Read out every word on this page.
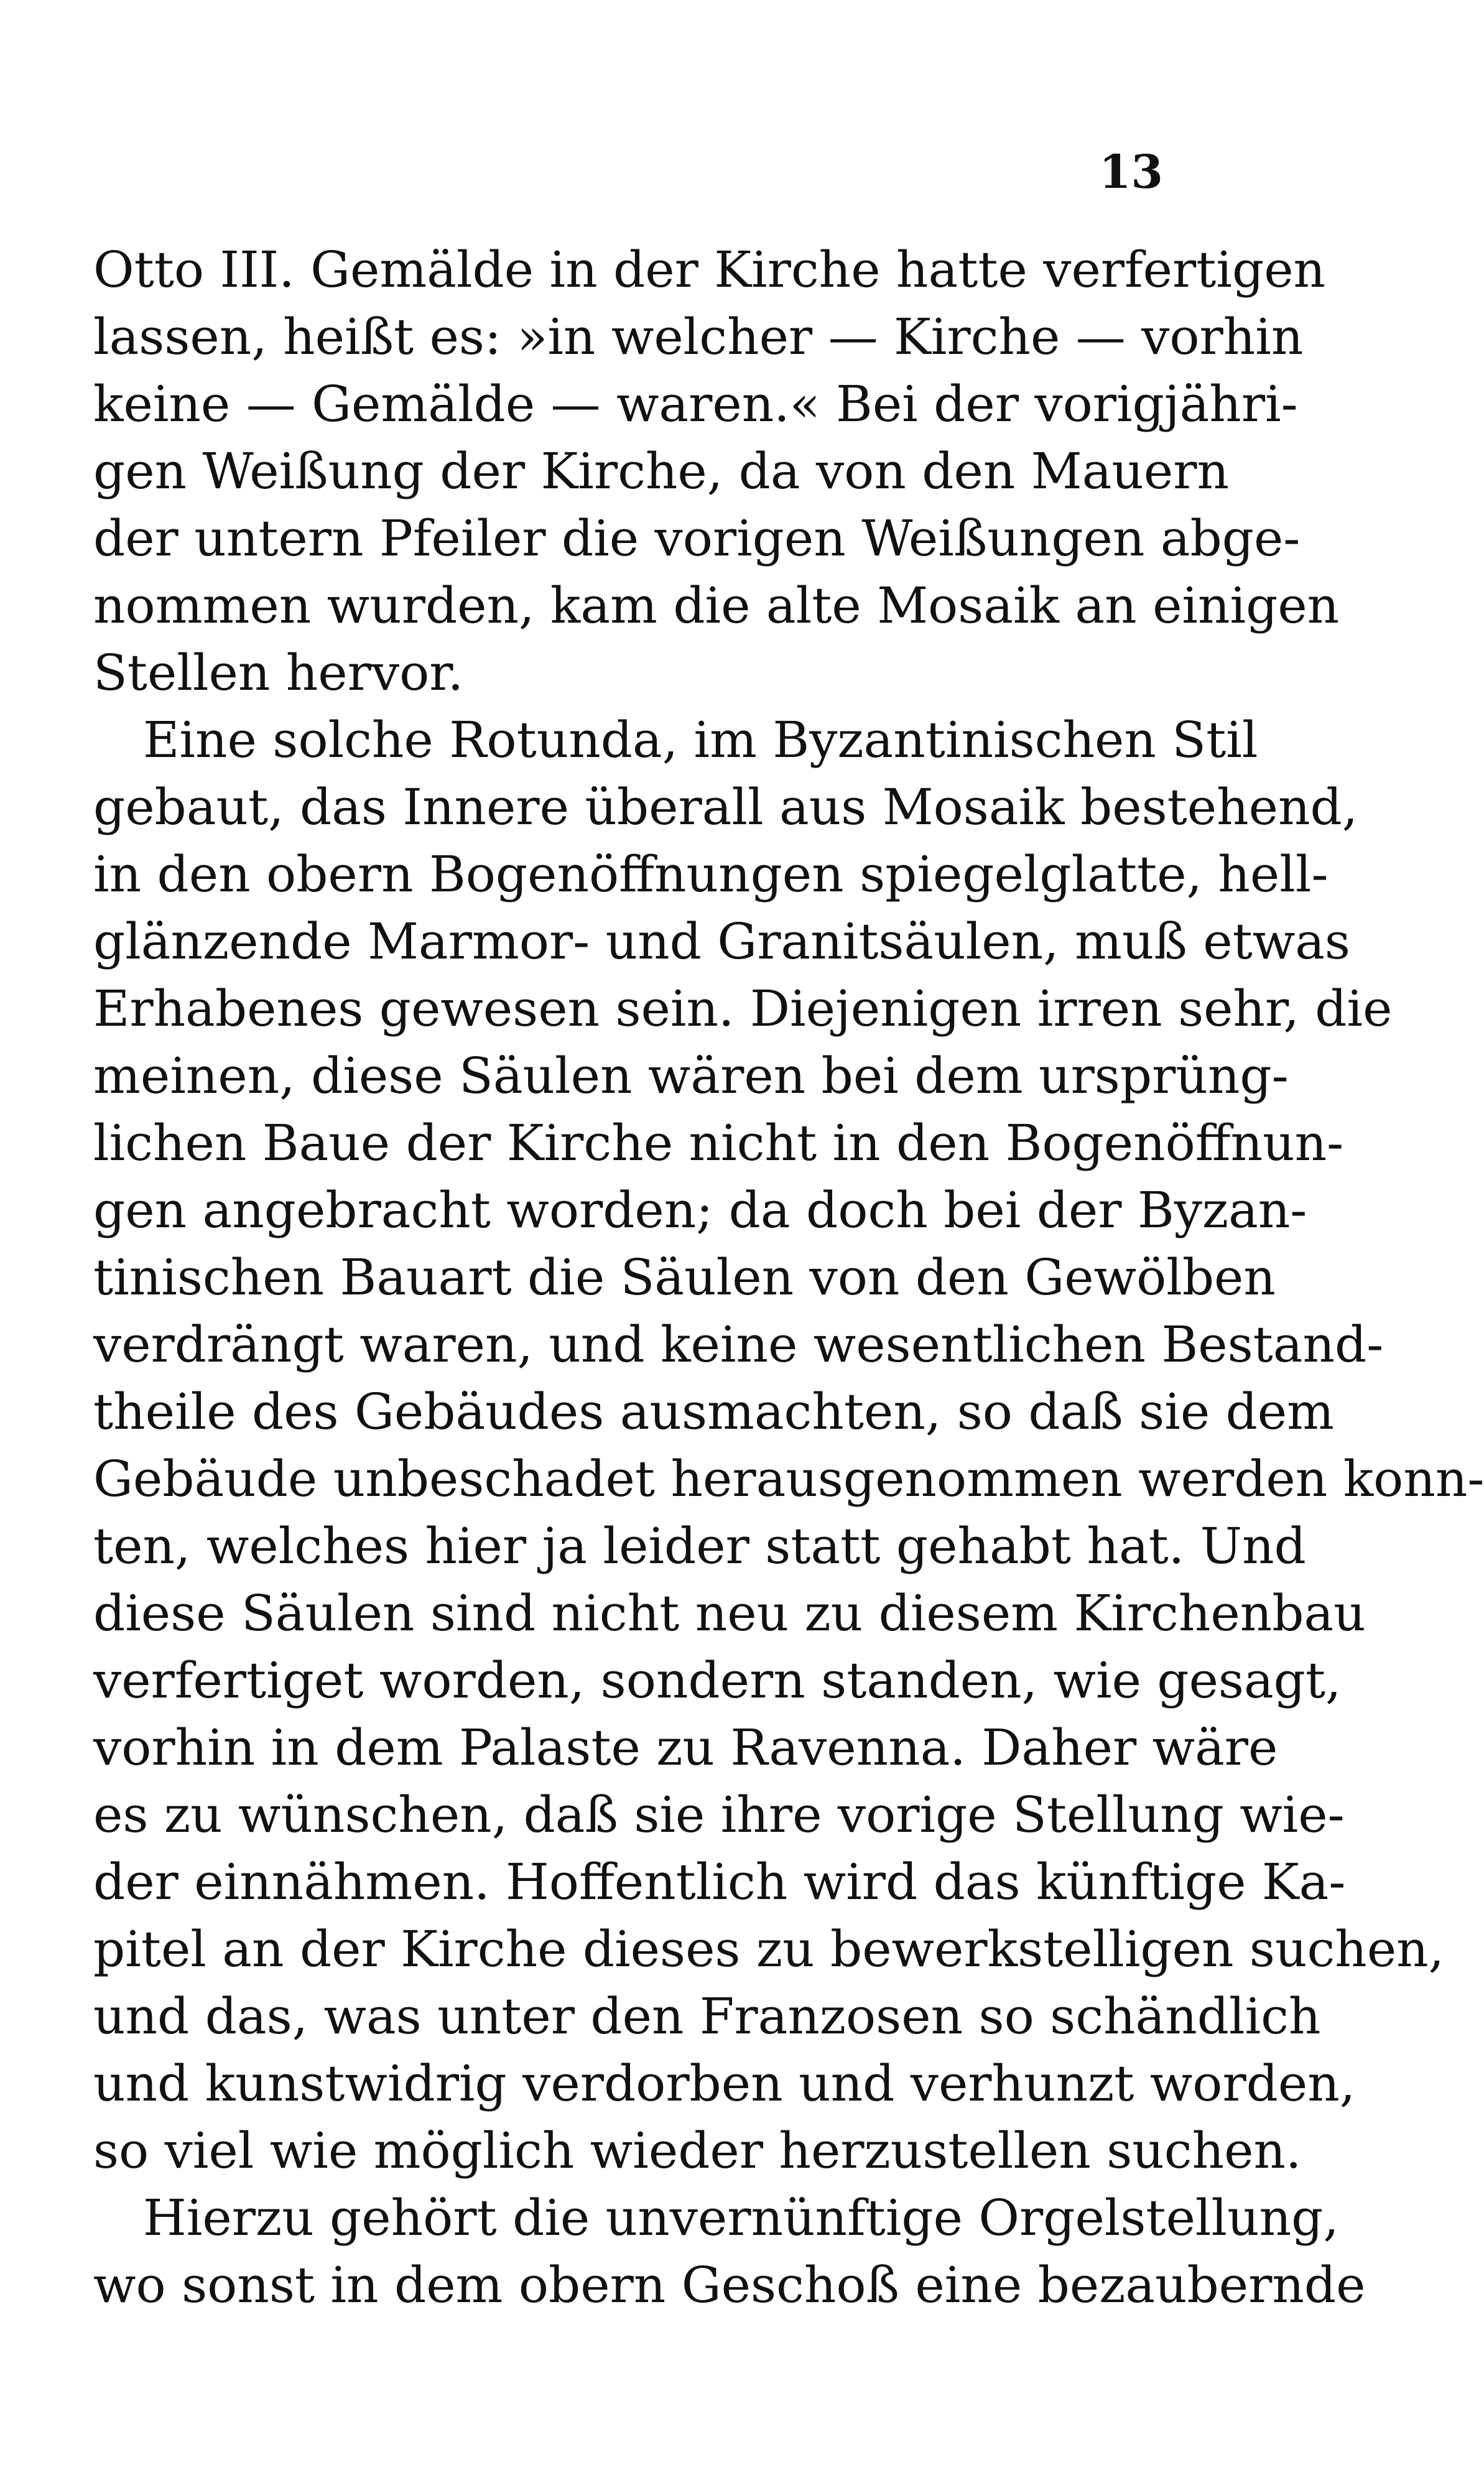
13
Otto III. Gemälde in der Kirche hatte verfertigen
lassen, heißt es: »in welcher — Kirche — vorhin
keine — Gemälde — waren.« Bei der vorigjähri-
gen Weißung der Kirche, da von den Mauern
der untern Pfeiler die vorigen Weißungen abge-
nommen wurden, kam die alte Mosaik an einigen
Stellen hervor.
Eine solche Rotunda, im Byzantinischen Stil
gebaut, das Innere überall aus Mosaik bestehend,
in den obern Bogenöffnungen spiegelglatte, hell-
glänzende Marmor- und Granitsäulen, muß etwas
Erhabenes gewesen sein. Diejenigen irren sehr, die
meinen, diese Säulen wären bei dem ursprüng-
lichen Baue der Kirche nicht in den Bogenöffnun-
gen angebracht worden; da doch bei der Byzan-
tinischen Bauart die Säulen von den Gewölben
verdrängt waren, und keine wesentlichen Bestand-
theile des Gebäudes ausmachten, so daß sie dem
Gebäude unbeschadet herausgenommen werden konn-
ten, welches hier ja leider statt gehabt hat. Und
diese Säulen sind nicht neu zu diesem Kirchenbau
verfertiget worden, sondern standen, wie gesagt,
vorhin in dem Palaste zu Ravenna. Daher wäre
es zu wünschen, daß sie ihre vorige Stellung wie-
der einnähmen. Hoffentlich wird das künftige Ka-
pitel an der Kirche dieses zu bewerkstelligen suchen,
und das, was unter den Franzosen so schändlich
und kunstwidrig verdorben und verhunzt worden,
so viel wie möglich wieder herzustellen suchen.
Hierzu gehört die unvernünftige Orgelstellung,
wo sonst in dem obern Geschoß eine bezaubernde
